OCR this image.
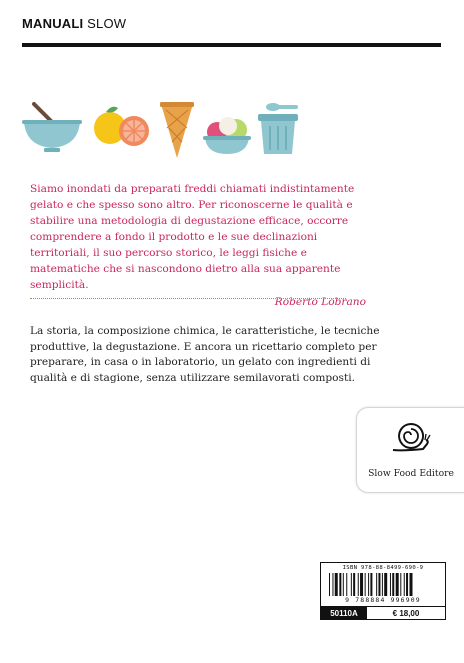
MANUALI SLOW

Siamo inondati da preparati freddi chiamati indistintamente gelato e che spesso sono altro. Per riconoscerne le qualità e stabilire una metodologia di degustazione efficace, occorre comprendere a fondo il prodotto e le sue declinazioni territoriali, il suo percorso storico, le leggi fisiche e matematiche che si nascondono dietro alla sua apparente semplicità.

Roberto Lobrano

La storia, la composizione chimica, le caratteristiche, le tecniche produttive, la degustazione. E ancora un ricettario completo per preparare, in casa o in laboratorio, un gelato con ingredienti di qualità e di stagione, senza utilizzare semilavorati composti.

Slow Food Editore
ISBN 978-88-8499-690-9
9 788884 996909
50110A	€ 18,00
